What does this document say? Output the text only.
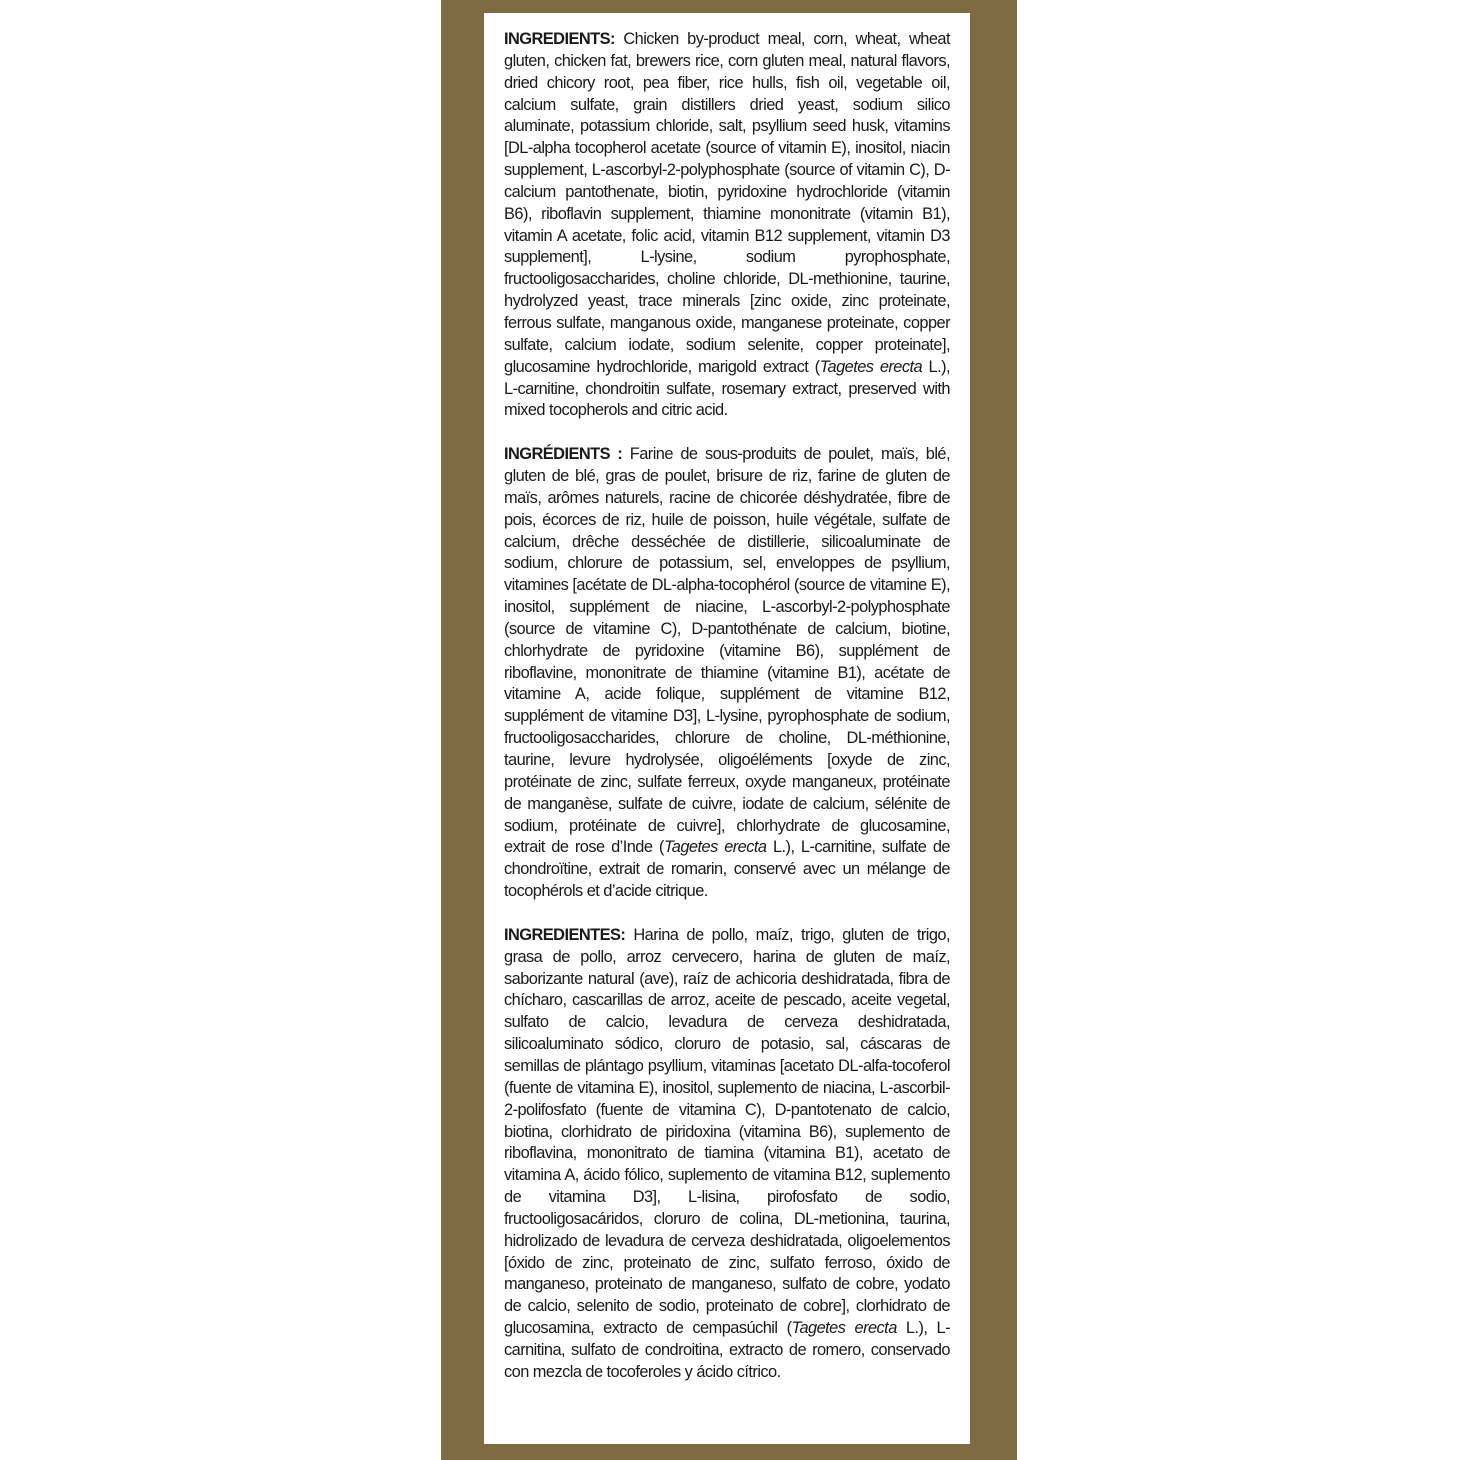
INGREDIENTS: Chicken by-product meal, corn, wheat, wheat gluten, chicken fat, brewers rice, corn gluten meal, natural flavors, dried chicory root, pea fiber, rice hulls, fish oil, vegetable oil, calcium sulfate, grain distillers dried yeast, sodium silico aluminate, potassium chloride, salt, psyllium seed husk, vitamins [DL-alpha tocopherol acetate (source of vitamin E), inositol, niacin supplement, L-ascorbyl-2-polyphosphate (source of vitamin C), D-calcium pantothenate, biotin, pyridoxine hydrochloride (vitamin B6), riboflavin supplement, thiamine mononitrate (vitamin B1), vitamin A acetate, folic acid, vitamin B12 supplement, vitamin D3 supplement], L-lysine, sodium pyrophosphate, fructooligosaccharides, choline chloride, DL-methionine, taurine, hydrolyzed yeast, trace minerals [zinc oxide, zinc proteinate, ferrous sulfate, manganous oxide, manganese proteinate, copper sulfate, calcium iodate, sodium selenite, copper proteinate], glucosamine hydrochloride, marigold extract (Tagetes erecta L.), L-carnitine, chondroitin sulfate, rosemary extract, preserved with mixed tocopherols and citric acid.

INGRÉDIENTS : Farine de sous-produits de poulet, maïs, blé, gluten de blé, gras de poulet, brisure de riz, farine de gluten de maïs, arômes naturels, racine de chicorée déshydratée, fibre de pois, écorces de riz, huile de poisson, huile végétale, sulfate de calcium, drêche desséchée de distillerie, silicoaluminate de sodium, chlorure de potassium, sel, enveloppes de psyllium, vitamines [acétate de DL-alpha-tocophérol (source de vitamine E), inositol, supplément de niacine, L-ascorbyl-2-polyphosphate (source de vitamine C), D-pantothénate de calcium, biotine, chlorhydrate de pyridoxine (vitamine B6), supplément de riboflavine, mononitrate de thiamine (vitamine B1), acétate de vitamine A, acide folique, supplément de vitamine B12, supplément de vitamine D3], L-lysine, pyrophosphate de sodium, fructooligosaccharides, chlorure de choline, DL-méthionine, taurine, levure hydrolysée, oligoéléments [oxyde de zinc, protéinate de zinc, sulfate ferreux, oxyde manganeux, protéinate de manganèse, sulfate de cuivre, iodate de calcium, sélénite de sodium, protéinate de cuivre], chlorhydrate de glucosamine, extrait de rose d’Inde (Tagetes erecta L.), L-carnitine, sulfate de chondroïtine, extrait de romarin, conservé avec un mélange de tocophérols et d’acide citrique.

INGREDIENTES: Harina de pollo, maíz, trigo, gluten de trigo, grasa de pollo, arroz cervecero, harina de gluten de maíz, saborizante natural (ave), raíz de achicoria deshidratada, fibra de chícharo, cascarillas de arroz, aceite de pescado, aceite vegetal, sulfato de calcio, levadura de cerveza deshidratada, silicoaluminato sódico, cloruro de potasio, sal, cáscaras de semillas de plántago psyllium, vitaminas [acetato DL-alfa-tocoferol (fuente de vitamina E), inositol, suplemento de niacina, L-ascorbil-2-polifosfato (fuente de vitamina C), D-pantotenato de calcio, biotina, clorhidrato de piridoxina (vitamina B6), suplemento de riboflavina, mononitrato de tiamina (vitamina B1), acetato de vitamina A, ácido fólico, suplemento de vitamina B12, suplemento de vitamina D3], L-lisina, pirofosfato de sodio, fructooligosacáridos, cloruro de colina, DL-metionina, taurina, hidrolizado de levadura de cerveza deshidratada, oligoelementos [óxido de zinc, proteinato de zinc, sulfato ferroso, óxido de manganeso, proteinato de manganeso, sulfato de cobre, yodato de calcio, selenito de sodio, proteinato de cobre], clorhidrato de glucosamina, extracto de cempasúchil (Tagetes erecta L.), L-carnitina, sulfato de condroitina, extracto de romero, conservado con mezcla de tocoferoles y ácido cítrico.
